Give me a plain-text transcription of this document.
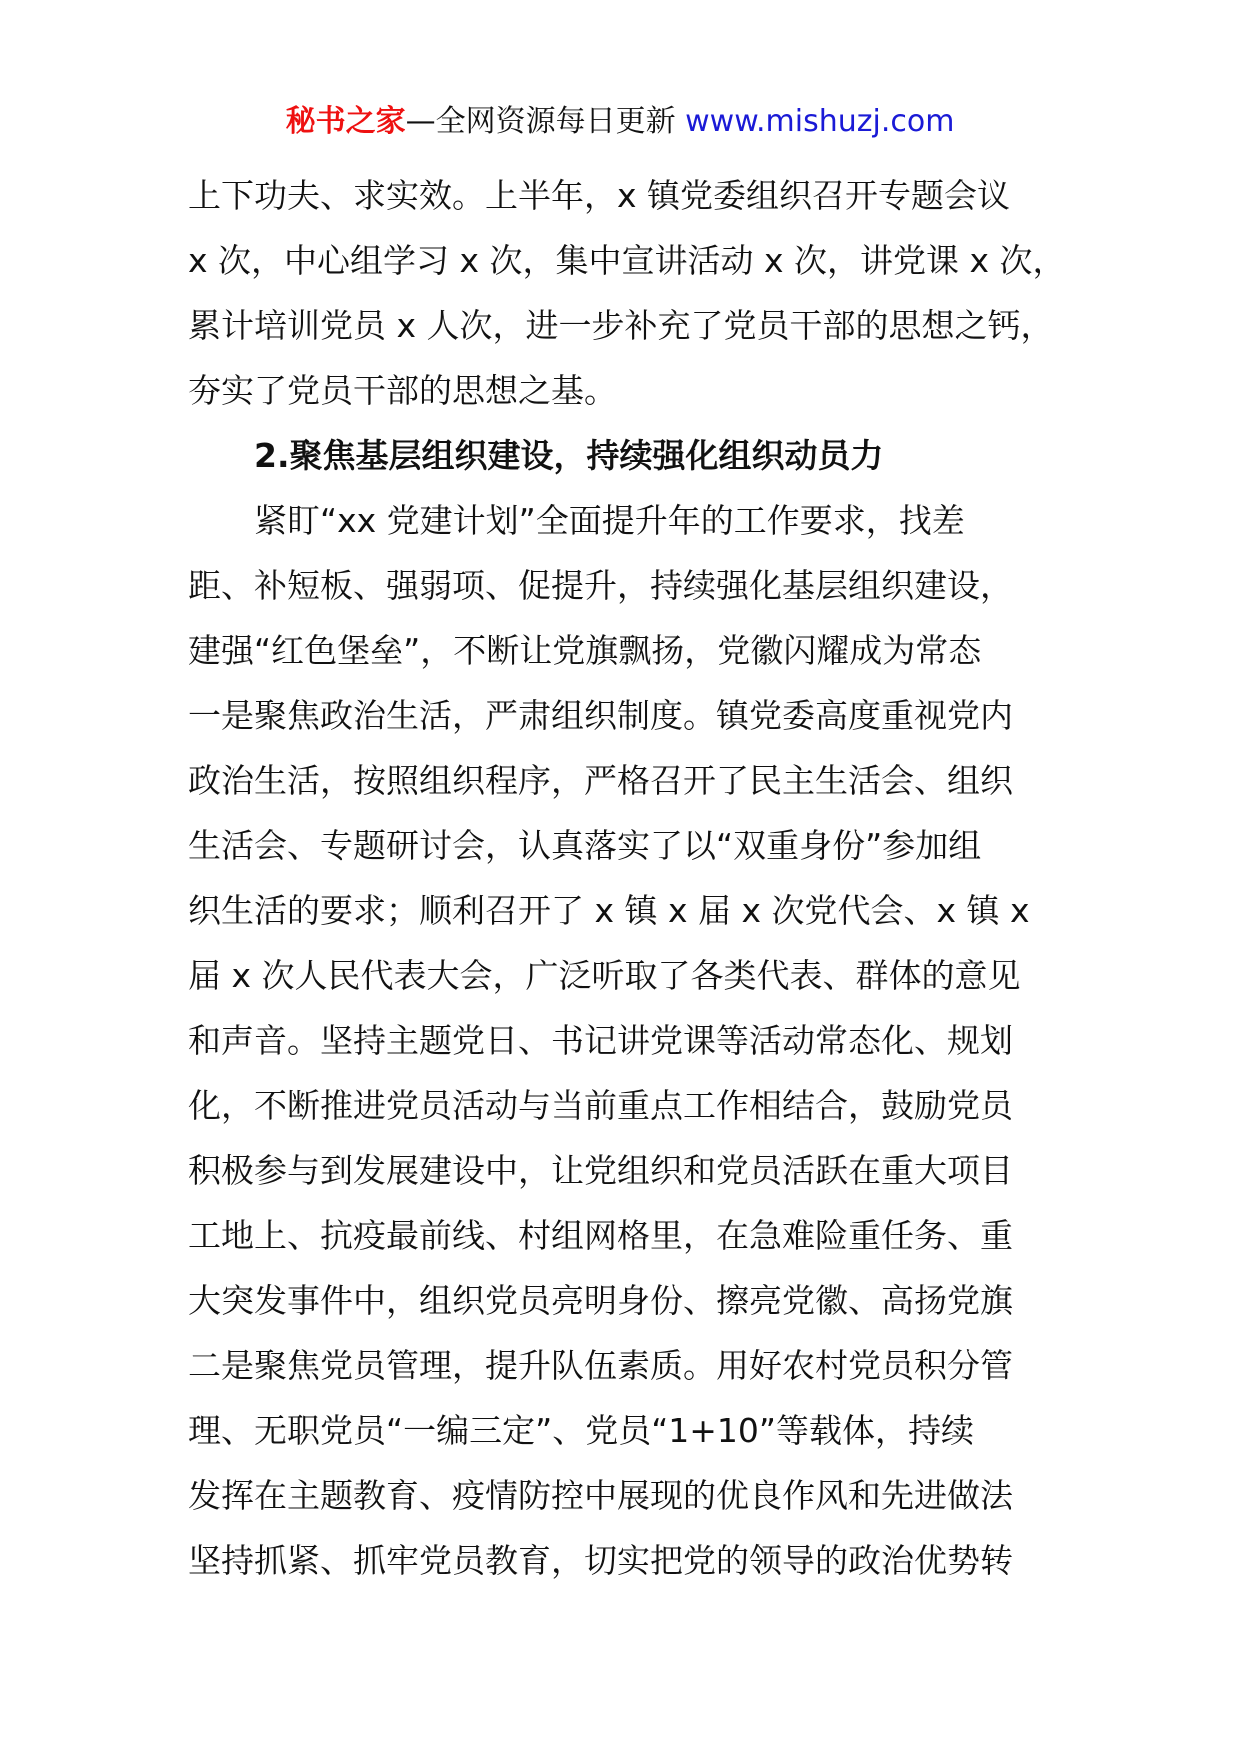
秘书之家—全网资源每日更新 www.mishuzj.com
上下功夫、求实效。上半年，x 镇党委组织召开专题会议
x 次，中心组学习 x 次，集中宣讲活动 x 次，讲党课 x 次，
累计培训党员 x 人次，进一步补充了党员干部的思想之钙，
夯实了党员干部的思想之基。
2.聚焦基层组织建设，持续强化组织动员力
紧盯“xx 党建计划”全面提升年的工作要求，找差
距、补短板、强弱项、促提升，持续强化基层组织建设，
建强“红色堡垒”，不断让党旗飘扬，党徽闪耀成为常态
一是聚焦政治生活，严肃组织制度。镇党委高度重视党内
政治生活，按照组织程序，严格召开了民主生活会、组织
生活会、专题研讨会，认真落实了以“双重身份”参加组
织生活的要求；顺利召开了 x 镇 x 届 x 次党代会、x 镇 x
届 x 次人民代表大会，广泛听取了各类代表、群体的意见
和声音。坚持主题党日、书记讲党课等活动常态化、规划
化，不断推进党员活动与当前重点工作相结合，鼓励党员
积极参与到发展建设中，让党组织和党员活跃在重大项目
工地上、抗疫最前线、村组网格里，在急难险重任务、重
大突发事件中，组织党员亮明身份、擦亮党徽、高扬党旗
二是聚焦党员管理，提升队伍素质。用好农村党员积分管
理、无职党员“一编三定”、党员“1+10”等载体，持续
发挥在主题教育、疫情防控中展现的优良作风和先进做法
坚持抓紧、抓牢党员教育，切实把党的领导的政治优势转
